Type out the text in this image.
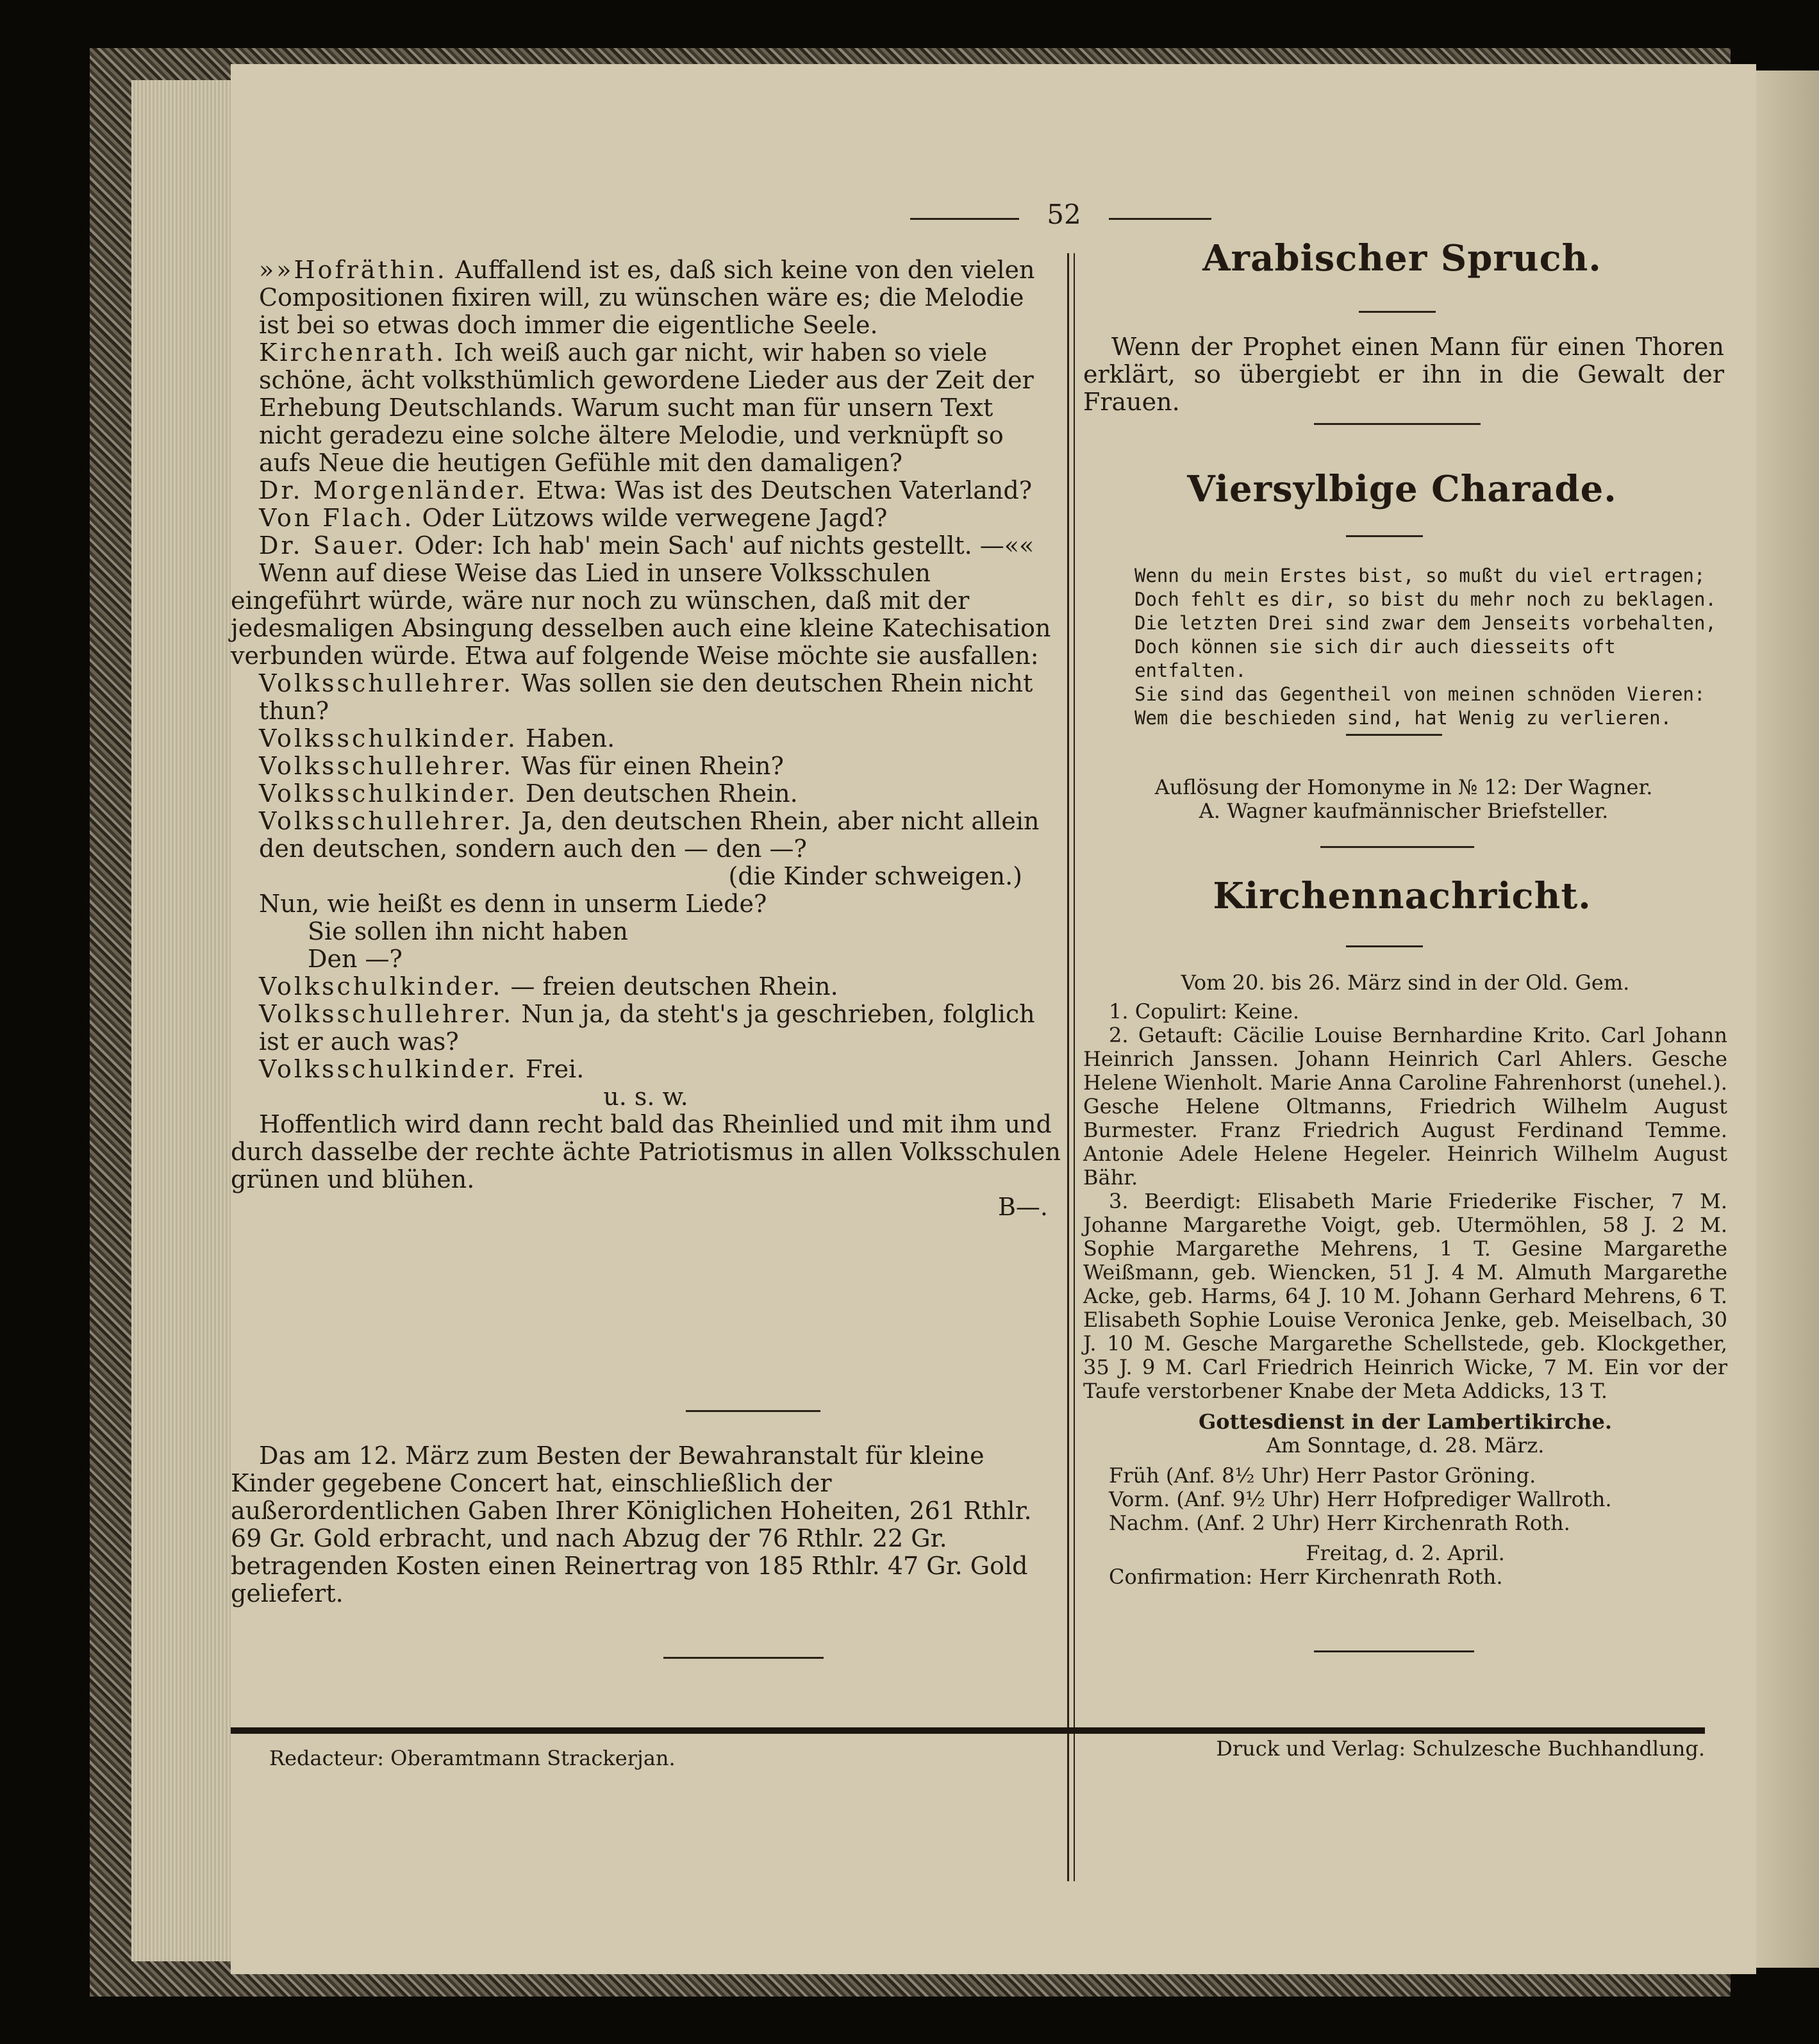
52

»»Hofräthin. Auffallend ist es, daß sich keine von den vielen Compositionen fixiren will, zu wünschen wäre es; die Melodie ist bei so etwas doch immer die eigentliche Seele.

Kirchenrath. Ich weiß auch gar nicht, wir haben so viele schöne, ächt volksthümlich gewordene Lieder aus der Zeit der Erhebung Deutschlands. Warum sucht man für unsern Text nicht geradezu eine solche ältere Melodie, und verknüpft so aufs Neue die heutigen Gefühle mit den damaligen?

Dr. Morgenländer. Etwa: Was ist des Deutschen Vaterland?

Von Flach. Oder Lützows wilde verwegene Jagd?

Dr. Sauer. Oder: Ich hab' mein Sach' auf nichts gestellt. —««

Wenn auf diese Weise das Lied in unsere Volksschulen eingeführt würde, wäre nur noch zu wünschen, daß mit der jedesmaligen Absingung desselben auch eine kleine Katechisation verbunden würde. Etwa auf folgende Weise möchte sie ausfallen:

Volksschullehrer. Was sollen sie den deutschen Rhein nicht thun?

Volksschulkinder. Haben.

Volksschullehrer. Was für einen Rhein?

Volksschulkinder. Den deutschen Rhein.

Volksschullehrer. Ja, den deutschen Rhein, aber nicht allein den deutschen, sondern auch den — den —?

(die Kinder schweigen.)

Nun, wie heißt es denn in unserm Liede?

Sie sollen ihn nicht haben

Den —?

Volkschulkinder. — freien deutschen Rhein.

Volksschullehrer. Nun ja, da steht's ja geschrieben, folglich ist er auch was?

Volksschulkinder. Frei.

u. s. w.

Hoffentlich wird dann recht bald das Rheinlied und mit ihm und durch dasselbe der rechte ächte Patriotismus in allen Volksschulen grünen und blühen.

B—.

Das am 12. März zum Besten der Bewahranstalt für kleine Kinder gegebene Concert hat, einschließlich der außerordentlichen Gaben Ihrer Königlichen Hoheiten, 261 Rthlr. 69 Gr. Gold erbracht, und nach Abzug der 76 Rthlr. 22 Gr. betragenden Kosten einen Reinertrag von 185 Rthlr. 47 Gr. Gold geliefert.

Arabischer Spruch.

Wenn der Prophet einen Mann für einen Thoren erklärt, so übergiebt er ihn in die Gewalt der Frauen.

Viersylbige Charade.
Wenn du mein Erstes bist, so mußt du viel ertragen;
Doch fehlt es dir, so bist du mehr noch zu beklagen.
Die letzten Drei sind zwar dem Jenseits vorbehalten,
Doch können sie sich dir auch diesseits oft entfalten.
Sie sind das Gegentheil von meinen schnöden Vieren:
Wem die beschieden sind, hat Wenig zu verlieren.
Auflösung der Homonyme in № 12: Der Wagner.
A. Wagner kaufmännischer Briefsteller.
Kirchennachricht.

Vom 20. bis 26. März sind in der Old. Gem.

1. Copulirt: Keine.

2. Getauft: Cäcilie Louise Bernhardine Krito. Carl Johann Heinrich Janssen. Johann Heinrich Carl Ahlers. Gesche Helene Wienholt. Marie Anna Caroline Fahrenhorst (unehel.). Gesche Helene Oltmanns, Friedrich Wilhelm August Burmester. Franz Friedrich August Ferdinand Temme. Antonie Adele Helene Hegeler. Heinrich Wilhelm August Bähr.

3. Beerdigt: Elisabeth Marie Friederike Fischer, 7 M. Johanne Margarethe Voigt, geb. Utermöhlen, 58 J. 2 M. Sophie Margarethe Mehrens, 1 T. Gesine Margarethe Weißmann, geb. Wiencken, 51 J. 4 M. Almuth Margarethe Acke, geb. Harms, 64 J. 10 M. Johann Gerhard Mehrens, 6 T. Elisabeth Sophie Louise Veronica Jenke, geb. Meiselbach, 30 J. 10 M. Gesche Margarethe Schellstede, geb. Klockgether, 35 J. 9 M. Carl Friedrich Heinrich Wicke, 7 M. Ein vor der Taufe verstorbener Knabe der Meta Addicks, 13 T.

Gottesdienst in der Lambertikirche.
Am Sonntage, d. 28. März.
Früh (Anf. 8½ Uhr) Herr Pastor Gröning.
Vorm. (Anf. 9½ Uhr) Herr Hofprediger Wallroth.
Nachm. (Anf. 2 Uhr) Herr Kirchenrath Roth.
Freitag, d. 2. April.
Confirmation: Herr Kirchenrath Roth.
Redacteur: Oberamtmann Strackerjan.	Druck und Verlag: Schulzesche Buchhandlung.
